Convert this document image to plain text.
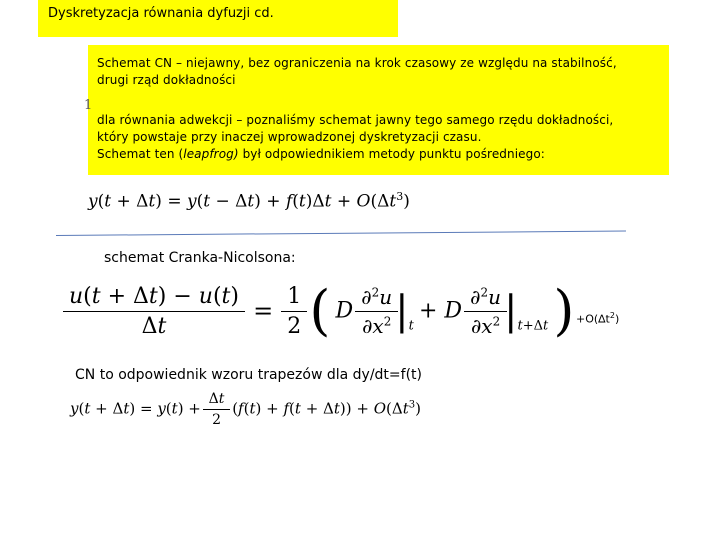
Dyskretyzacja równania dyfuzji cd.

Schemat CN – niejawny, bez ograniczenia na krok czasowy ze względu na stabilność,

drugi rząd dokładności

dla równania adwekcji – poznaliśmy schemat jawny tego samego rzędu dokładności,

który powstaje przy inaczej wprowadzonej dyskretyzacji czasu.

Schemat ten (leapfrog) był odpowiednikiem metody punktu pośredniego:

1
$y(t + \Delta t) = y(t - \Delta t) + f(t)\Delta t + O(\Delta t^3)$
schemat Cranka-Nicolsona:
$\frac{u(t + \Delta t) - u(t)}{\Delta t} = \frac{1}{2}$ ( D $\frac{\partial^2u}{\partial x^2} |_t + D \frac{\partial^2u}{\partial x^2} |_{t+\Delta t}$ ) $+O(\Delta t^2)$
CN to odpowiednik wzoru trapezów dla dy/dt=f(t)
$y(t + \Delta t) = y(t) + \frac{\Delta t}{2} (f(t) + f(t + \Delta t)) + O(\Delta t^3)$
